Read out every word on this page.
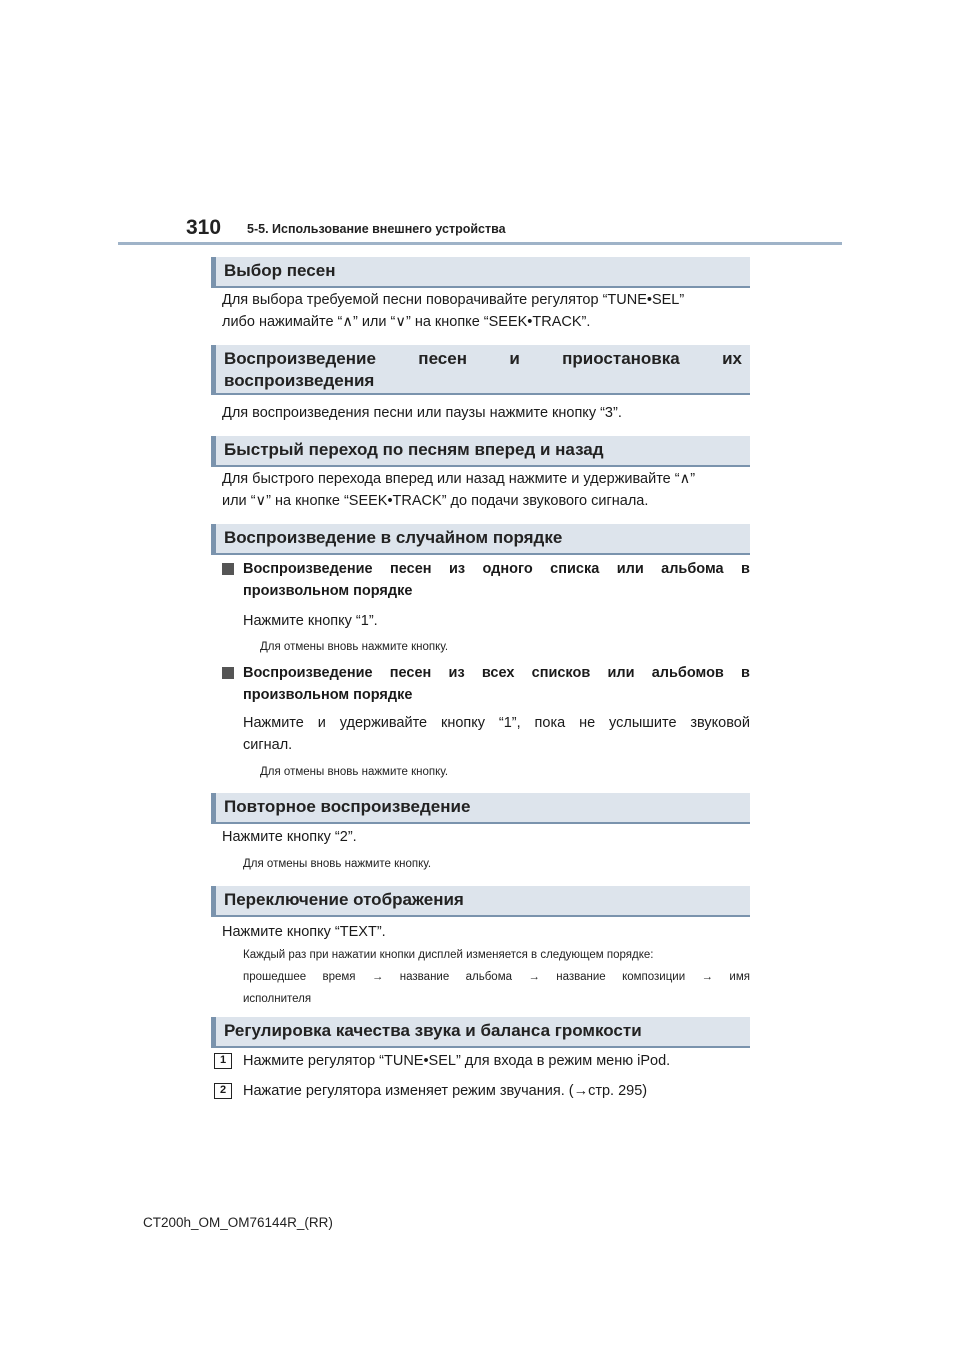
310 5-5. Использование внешнего устройства
Выбор песен
Для выбора требуемой песни поворачивайте регулятор “TUNE•SEL”
либо нажимайте “∧” или “∨” на кнопке “SEEK•TRACK”.
Воспроизведение песен и приостановка их
воспроизведения
Для воспроизведения песни или паузы нажмите кнопку “3”.
Быстрый переход по песням вперед и назад
Для быстрого перехода вперед или назад нажмите и удерживайте “∧”
или “∨” на кнопке “SEEK•TRACK” до подачи звукового сигнала.
Воспроизведение в случайном порядке
Воспроизведение песен из одного списка или альбома в
произвольном порядке
Нажмите кнопку “1”.
Для отмены вновь нажмите кнопку.
Воспроизведение песен из всех списков или альбомов в
произвольном порядке
Нажмите и удерживайте кнопку “1”, пока не услышите звуковой
сигнал.
Для отмены вновь нажмите кнопку.
Повторное воспроизведение
Нажмите кнопку “2”.
Для отмены вновь нажмите кнопку.
Переключение отображения
Нажмите кнопку “TEXT”.
Каждый раз при нажатии кнопки дисплей изменяется в следующем порядке:
прошедшее время → название альбома → название композиции → имя
исполнителя
Регулировка качества звука и баланса громкости
1	Нажмите регулятор “TUNE•SEL” для входа в режим меню iPod.
2	Нажатие регулятора изменяет режим звучания. (→стр. 295)
CT200h_OM_OM76144R_(RR)
